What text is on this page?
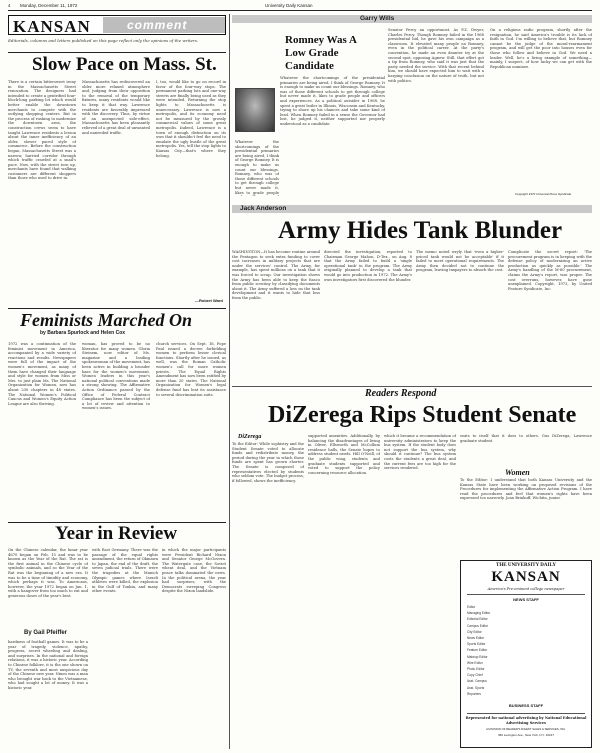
4 Monday, December 11, 1972	University Daily Kansan
KANSAN	comment
Editorials, columns and letters published on this page reflect only the opinions of the writers.
Slow Pace on Mass. St.
There is a certain bittersweet irony in the Massachusetts Street renovation. The designers had intended to create a gentrified four-block-long parking lot which would better enable the downtown merchants to compete with the outlying shopping centers. But in the process of rushing to modernize the downtown area, the construction crews seem to have taught Lawrence residents a lesson about the inner inefficiency of an older, slower paced style of commerce. Before the construction began, Massachusetts Street was a narrow, hurried corridor through which traffic crawled at a snail's pace. Now, with the street torn up, merchants have found that walking customers are different shoppers than those who used to drive in.
Massachusetts has rediscovered an older more relaxed atmosphere and, judging from their opposition to the removal of the temporary fixtures, many residents would like to keep it that way. Lawrence residents are favorably impressed with the discovery. Thus, by virtue of an unexpected side-effect, Massachusetts has been pleasantly relieved of a great deal of unwanted and unneeded traffic.
I, too, would like to go on record in favor of the four-way stops. The permanent parking lots and one-way streets are finally being used as they were intended. Returning the stop lights to Massachusetts is unnecessary. Lawrence is now a metropolis, and its economy need not be measured by the grossly commercial values of some great metropolis. Indeed, Lawrence is a town of enough distinction on its own that it shouldn't feel the need to emulate the ugly bustle of the great metropolis. Yes, tell the stop lights to Kansas City—that's where they belong.
—Robert Ward
Garry Wills
Romney Was A Low Grade Candidate
Whatever the shortcomings of the presidential primaries are being aired, I think of George Romney. It is enough to make us count our blessings. Romney, who was of those different schools to get through college but never made it, likes to grade people and officers and experiences. As a political outsider in 1968, he spent a great boiler in Illinois, Wisconsin and Kentucky, trying to shore up his chances and take some kind of lead. When Romney failed in a sense the Governor had lost, he judged it, neither supported nor properly understood as a candidate.
Whatever the shortcomings of the presidential primaries are being aired, I think of George Romney. It is enough to make us count our blessings. Romney, who was of those different schools to get through college but never made it, likes to grade people
Senator Percy an opportunist. As P.Z. Dwyer, Charles Percy. Though Romney failed in the 1968 presidential bid, he gave his own campaign as a classroom. It elevated many people on Romney, even in the political career. At the party's convention, he made an even daunter try at the second spot, opposing Agnew. Still, that effort got a tip from Romney, who said it was just that the party needed the service. With that recent behind him, we should have expected him to wait with a harping conclusion on the nature of truth, but not with politics.
On a religious radio program, shortly after the resignation, he said America's trouble is its lack of faith in God. I'm willing to believe that, but Romney cannot be the judge of the moral-rearmament program, and will get the poor into houses even for those who follow and believe in God. We need a leader. Well, he's a living example of something—mainly, I suspect, of how lucky we can get with the Republican nominee.
Copyright 1972 Universal Press Syndicate
Jack Anderson
Army Hides Tank Blunder
WASHINGTON—It has become routine around the Pentagon to seek extra funding to cover cost increases in military projects that are under the services' control. The Army, for example, has spent millions on a tank that it was forced to scrap. Our investigation shows the Army has been able to keep the fiasco from public scrutiny by classifying documents about it. The Army suffered a loss on the tank development and it wants to hide that loss from the public.
directed the investigation, reported to Chairman George Mahon, D-Tex., on Aug. 8 that the Army failed to build a 'single operational tank' in the program. The Army originally planned to develop a tank that would go into production in 1972. The Army's own investigators first discovered the blunder.
The memo noted wryly that 'even a higher-priced tank would not be acceptable' if it failed to meet operational requirements. The Army then decided not to continue the program, leaving taxpayers to absorb the cost.
Complicate the secret report: 'The procurement program is in keeping with the defense policy of modernizing an active production as quickly as possible.' The Army's handling of the M-60 procurement, claims the Army's report, was proper. The cost overruns, however, have gone unexplained. Copyright, 1972, by United Feature Syndicate, Inc.
Feminists Marched On
by Barbara Spurlock and Helen Cox
1972 was a continuation of the feminist movement in America, accompanied by a wide variety of reactions and results. Newspapers were full of the impact of the women's movement, as many of them have changed their language and style for women from Miss or Mrs. to just plain Ms. The National Organization for Women, now has about 230 chapters in 48 states. The National Women's Political Caucus and Women's Equity Action League are also thriving.
woman, has proved to be no liberator for many women. Gloria Steinem, now editor of Ms. magazine and a leading spokeswoman of the movement, has been active in building a broader base for the women's movement. Women leaders in this year's national political conventions made a strong showing. The Affirmative Action Ordinance passed by the Office of Federal Contract Compliance has been the subject of a lot of review and attention to women's issues.
church services. On Sept. 16, Pope Paul issued a decree forbidding women to perform lesser clerical functions. Shortly after he issued, as well, was the Roman Catholic women's call for more women priests. The Equal Rights Amendment has now been ratified by more than 20 states. The National Organization for Women's legal defense fund has lent its assistance to several discrimination suits.	Readers Respond
DiZerega Rips Student Senate
DiZerega
To the Editor: While sophistry and the Student Senate voted to allocate funds and redistribute money, the period during the year in which those funds are spent has grown shorter. The Senate is composed of representatives elected by students who seldom vote. The budget process, if followed, shows the inefficiency.
supported amenities. Additionally, by balancing the disadvantages of living in Oliver, Ellsworth and McCollum residence halls, the Senate hopes to address student needs. Hill O'Neill, of the public wing, students and graduate students supported and voted to support the policy concerning resource allocation.
which it became a recommendation of university administrators to keep the bus system. If the student body does not support the bus system, why should it continue? The bus system costs the students a great deal, and the current fees are too high for the services rendered.
seats to itself that it does to others. Gus DiZerega, Lawrence graduate student
Women
To the Editor: I understand that both Kansas University and the Kansas State have been working on proposed revisions of the Procedures for implementing the Affirmative Action Program. I have read the procedures and feel that women's rights have been expressed too narrowly. Joan Brinkoff, Wichita, junior
Year in Review
On the Chinese calendar, the lunar year 4670 began on Feb. 15 and was to be known as the Year of the Rat. The rat is the first animal in the Chinese cycle of symbolic animals, and so the Year of the Rat was the beginning of a new era. It was to be a time of timidity and economy, which perhaps it was. To Americans, however, the year 1972 began on Jan. 1, with a hangover from too much to eat and generous doses of the year's best.
By Gail Pfeiffer
hardness of football games. It was to be a year of tragedy, violence, apathy, progress, secret wheeling and dealing, and surprises. In the national and foreign relations, it was a historic year. According to Chinese folklore, it is the one shown on TV, the seventh and most auspicious day of the Chinese new year. Nixon was a man who brought war back to the Vietnamese, who had sought a lot of money. It was a historic year.
with East Germany. There was the passage of the equal rights amendment, the return of Okinawa to Japan, the end of the draft, the seven judicial trials. There were the tragedies at the Munich Olympic games where Israeli athletes were killed, the explosion in the Gulf of Tonkin, and many other events.
in which the major participants were President Richard Nixon and Senator George McGovern. The Watergate case, the Soviet wheat deal, and the Vietnam peace talks dominated the news. In the political arena, the year had surprises, with the Democrats sweeping Congress despite the Nixon landslide.
THE UNIVERSITY DAILY
KANSAN
America's Pre-eminent college newspaper
NEWS STAFF
Editor
Managing Editor
Editorial Editor
Campus Editor
City Editor
News Editor
Sports Editor
Feature Editor
Makeup Editor
Wire Editor
Photo Editor
Copy Chief
Asst. Campus
Asst. Sports
Reporters
BUSINESS STAFF
Represented for national advertising by National Educational Advertising Services
A DIVISION OF READER'S DIGEST SALES & SERVICES, INC.
360 Lexington Ave., New York, N.Y. 10017
